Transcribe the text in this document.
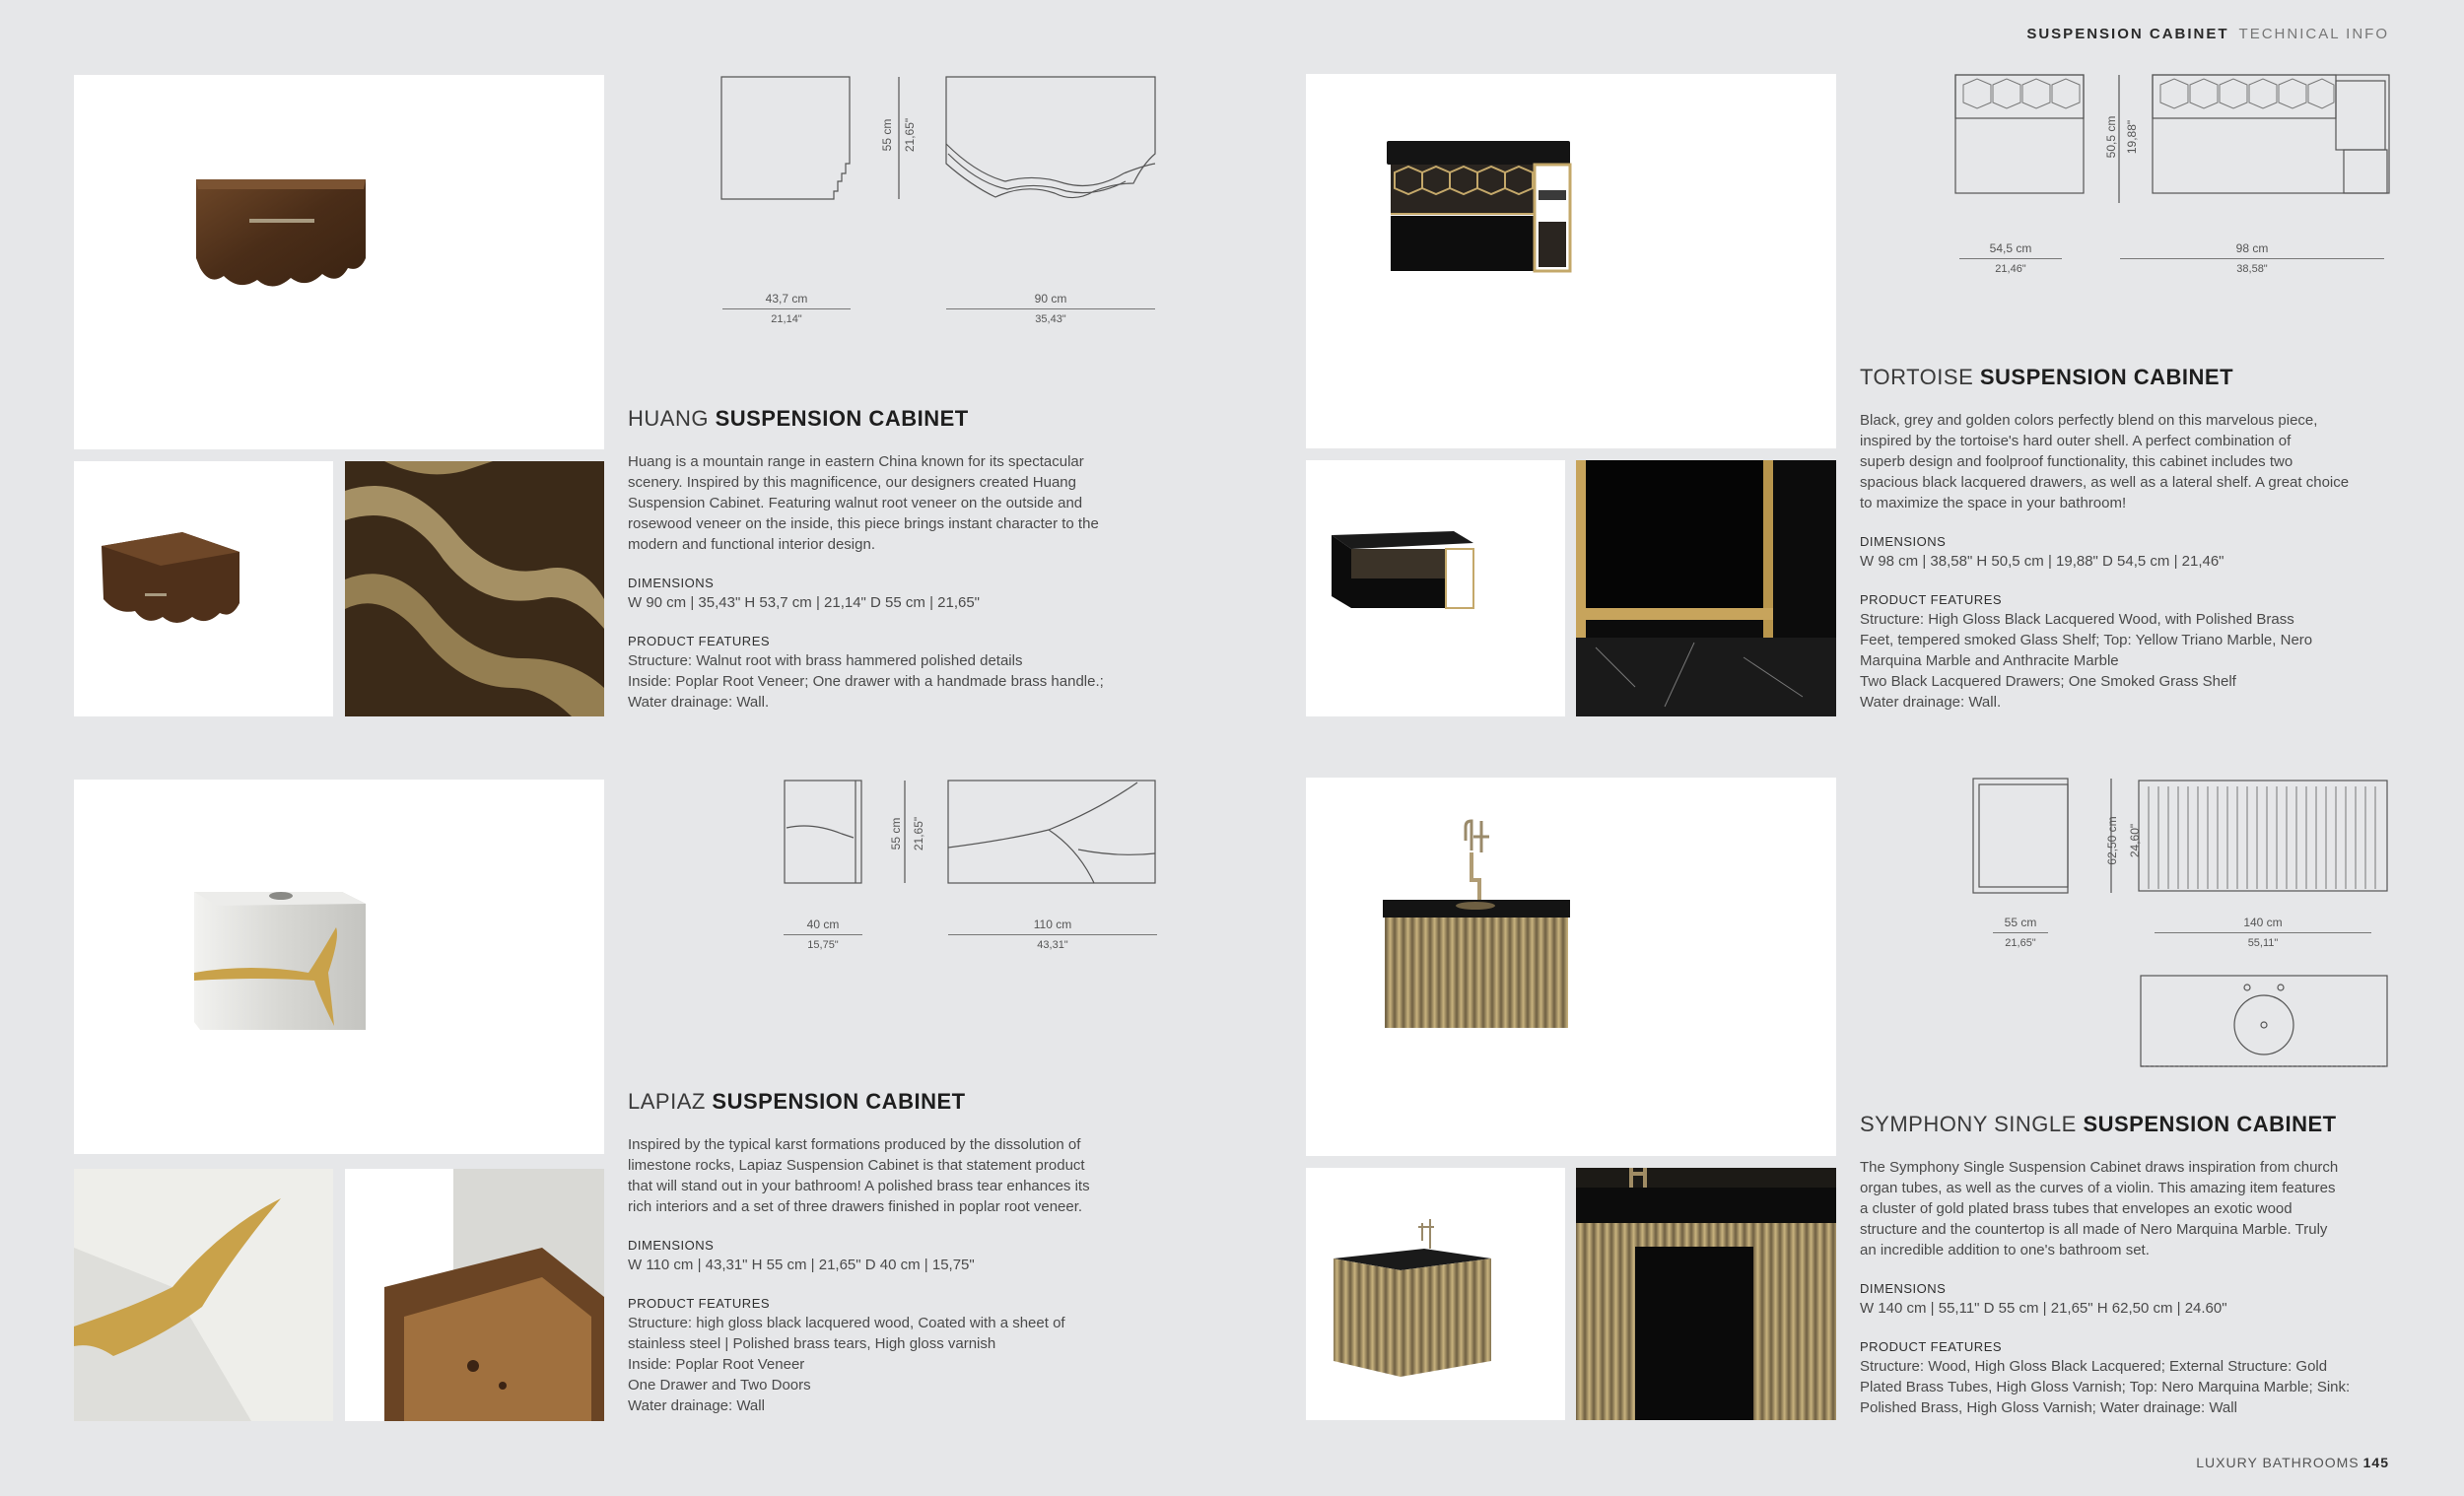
SUSPENSION CABINET TECHNICAL INFO
LUXURY BATHROOMS 145
55 cm 21,65"
43,7 cm
21,14"
90 cm
35,43"
HUANG SUSPENSION CABINET

Huang is a mountain range in eastern China known for its spectacular
scenery. Inspired by this magnificence, our designers created Huang
Suspension Cabinet. Featuring walnut root veneer on the outside and
rosewood veneer on the inside, this piece brings instant character to the
modern and functional interior design.

DIMENSIONS

W 90 cm | 35,43" H 53,7 cm | 21,14" D 55 cm | 21,65"

PRODUCT FEATURES

Structure: Walnut root with brass hammered polished details
Inside: Poplar Root Veneer; One drawer with a handmade brass handle.;
Water drainage: Wall.

50,5 cm 19,88"
54,5 cm
21,46"
98 cm
38,58"
TORTOISE SUSPENSION CABINET

Black, grey and golden colors perfectly blend on this marvelous piece,
inspired by the tortoise's hard outer shell. A perfect combination of
superb design and foolproof functionality, this cabinet includes two
spacious black lacquered drawers, as well as a lateral shelf. A great choice
to maximize the space in your bathroom!

DIMENSIONS

W 98 cm | 38,58" H 50,5 cm | 19,88" D 54,5 cm | 21,46"

PRODUCT FEATURES

Structure: High Gloss Black Lacquered Wood, with Polished Brass
Feet, tempered smoked Glass Shelf; Top: Yellow Triano Marble, Nero
Marquina Marble and Anthracite Marble
Two Black Lacquered Drawers; One Smoked Grass Shelf
Water drainage: Wall.

55 cm 21,65"
40 cm
15,75"
110 cm
43,31"
LAPIAZ SUSPENSION CABINET

Inspired by the typical karst formations produced by the dissolution of
limestone rocks, Lapiaz Suspension Cabinet is that statement product
that will stand out in your bathroom! A polished brass tear enhances its
rich interiors and a set of three drawers finished in poplar root veneer.

DIMENSIONS

W 110 cm | 43,31" H 55 cm | 21,65" D 40 cm | 15,75"

PRODUCT FEATURES

Structure: high gloss black lacquered wood, Coated with a sheet of
stainless steel | Polished brass tears, High gloss varnish
Inside: Poplar Root Veneer
One Drawer and Two Doors
Water drainage: Wall

62,50 cm 24,60"
55 cm
21,65"
140 cm
55,11"
SYMPHONY SINGLE SUSPENSION CABINET

The Symphony Single Suspension Cabinet draws inspiration from church
organ tubes, as well as the curves of a violin. This amazing item features
a cluster of gold plated brass tubes that envelopes an exotic wood
structure and the countertop is all made of Nero Marquina Marble. Truly
an incredible addition to one's bathroom set.

DIMENSIONS

W 140 cm | 55,11" D 55 cm | 21,65" H 62,50 cm | 24.60"

PRODUCT FEATURES

Structure: Wood, High Gloss Black Lacquered; External Structure: Gold
Plated Brass Tubes, High Gloss Varnish; Top: Nero Marquina Marble; Sink:
Polished Brass, High Gloss Varnish; Water drainage: Wall
